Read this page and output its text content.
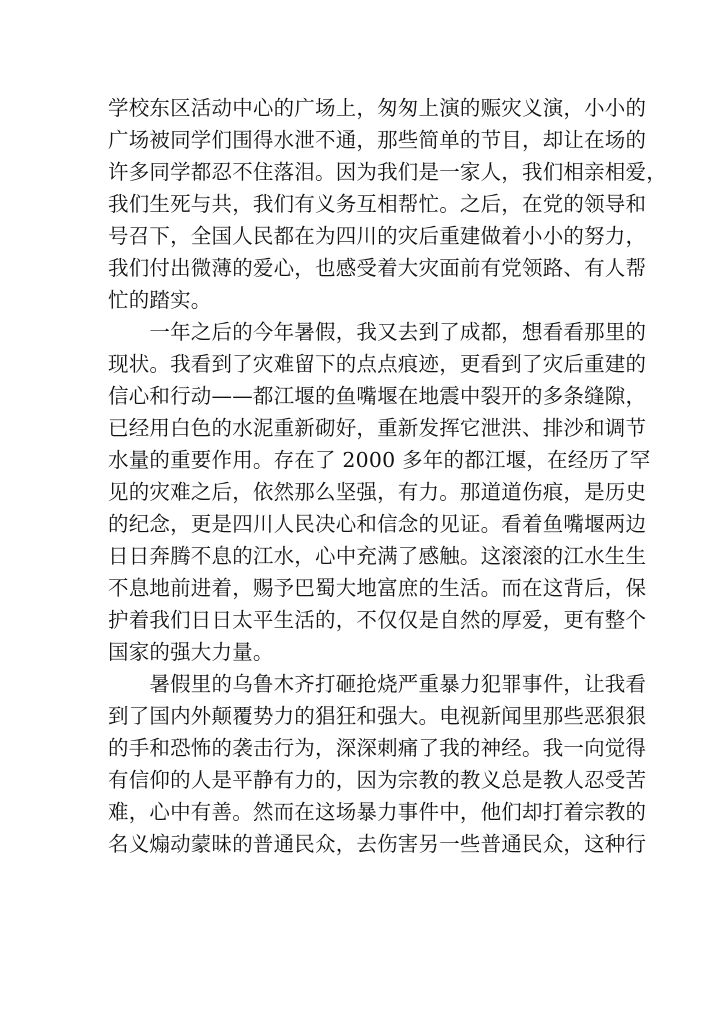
学校东区活动中心的广场上，匆匆上演的赈灾义演，小小的
广场被同学们围得水泄不通，那些简单的节目，却让在场的
许多同学都忍不住落泪。因为我们是一家人，我们相亲相爱，
我们生死与共，我们有义务互相帮忙。之后，在党的领导和
号召下，全国人民都在为四川的灾后重建做着小小的努力，
我们付出微薄的爱心，也感受着大灾面前有党领路、有人帮
忙的踏实。
　　一年之后的今年暑假，我又去到了成都，想看看那里的
现状。我看到了灾难留下的点点痕迹，更看到了灾后重建的
信心和行动——都江堰的鱼嘴堰在地震中裂开的多条缝隙，
已经用白色的水泥重新砌好，重新发挥它泄洪、排沙和调节
水量的重要作用。存在了 2000 多年的都江堰，在经历了罕
见的灾难之后，依然那么坚强，有力。那道道伤痕，是历史
的纪念，更是四川人民决心和信念的见证。看着鱼嘴堰两边
日日奔腾不息的江水，心中充满了感触。这滚滚的江水生生
不息地前进着，赐予巴蜀大地富庶的生活。而在这背后，保
护着我们日日太平生活的，不仅仅是自然的厚爱，更有整个
国家的强大力量。
　　暑假里的乌鲁木齐打砸抢烧严重暴力犯罪事件，让我看
到了国内外颠覆势力的猖狂和强大。电视新闻里那些恶狠狠
的手和恐怖的袭击行为，深深刺痛了我的神经。我一向觉得
有信仰的人是平静有力的，因为宗教的教义总是教人忍受苦
难，心中有善。然而在这场暴力事件中，他们却打着宗教的
名义煽动蒙昧的普通民众，去伤害另一些普通民众，这种行
